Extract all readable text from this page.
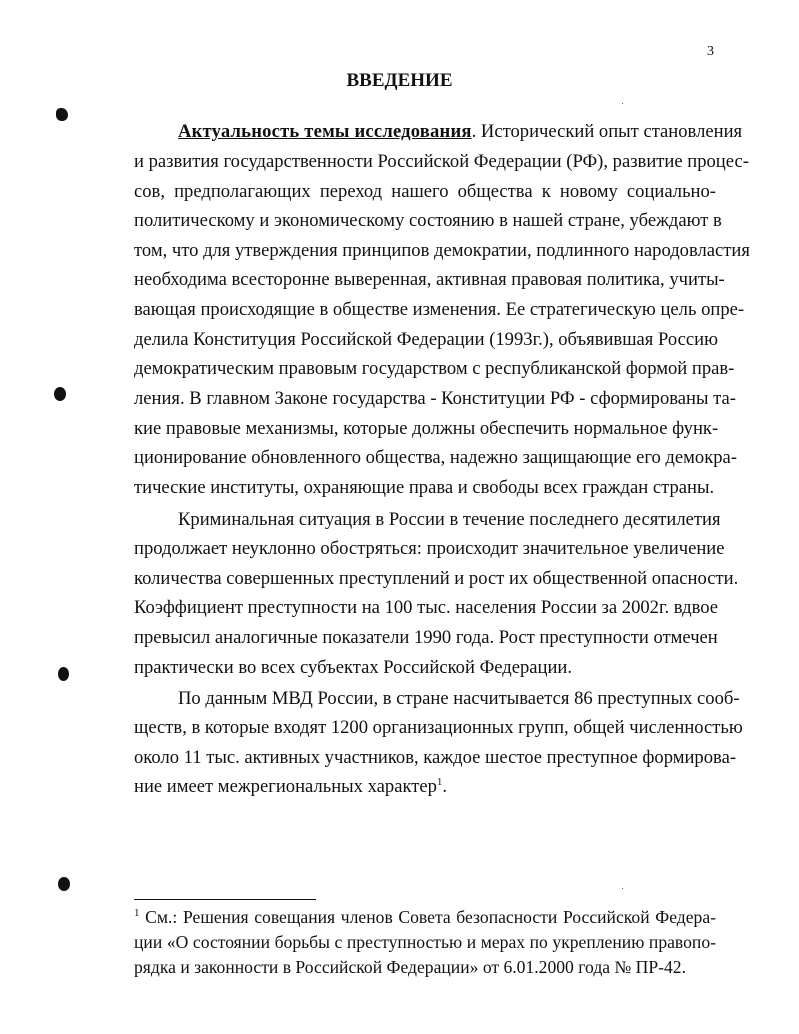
3
ВВЕДЕНИЕ
Актуальность темы исследования. Исторический опыт становления
и развития государственности Российской Федерации (РФ), развитие процес-
сов, предполагающих переход нашего общества к новому социально-
политическому и экономическому состоянию в нашей стране, убеждают в
том, что для утверждения принципов демократии, подлинного народовластия
необходима всесторонне выверенная, активная правовая политика, учиты-
вающая происходящие в обществе изменения. Ее стратегическую цель опре-
делила Конституция Российской Федерации (1993г.), объявившая Россию
демократическим правовым государством с республиканской формой прав-
ления. В главном Законе государства - Конституции РФ - сформированы та-
кие правовые механизмы, которые должны обеспечить нормальное функ-
ционирование обновленного общества, надежно защищающие его демокра-
тические институты, охраняющие права и свободы всех граждан страны.
Криминальная ситуация в России в течение последнего десятилетия
продолжает неуклонно обостряться: происходит значительное увеличение
количества совершенных преступлений и рост их общественной опасности.
Коэффициент преступности на 100 тыс. населения России за 2002г. вдвое
превысил аналогичные показатели 1990 года. Рост преступности отмечен
практически во всех субъектах Российской Федерации.
По данным МВД России, в стране насчитывается 86 преступных сооб-
ществ, в которые входят 1200 организационных групп, общей численностью
около 11 тыс. активных участников, каждое шестое преступное формирова-
ние имеет межрегиональных характер$^1$.
$^1$ См.: Решения совещания членов Совета безопасности Российской Федера-
ции «О состоянии борьбы с преступностью и мерах по укреплению правопо-
рядка и законности в Российской Федерации» от 6.01.2000 года № ПР-42.
